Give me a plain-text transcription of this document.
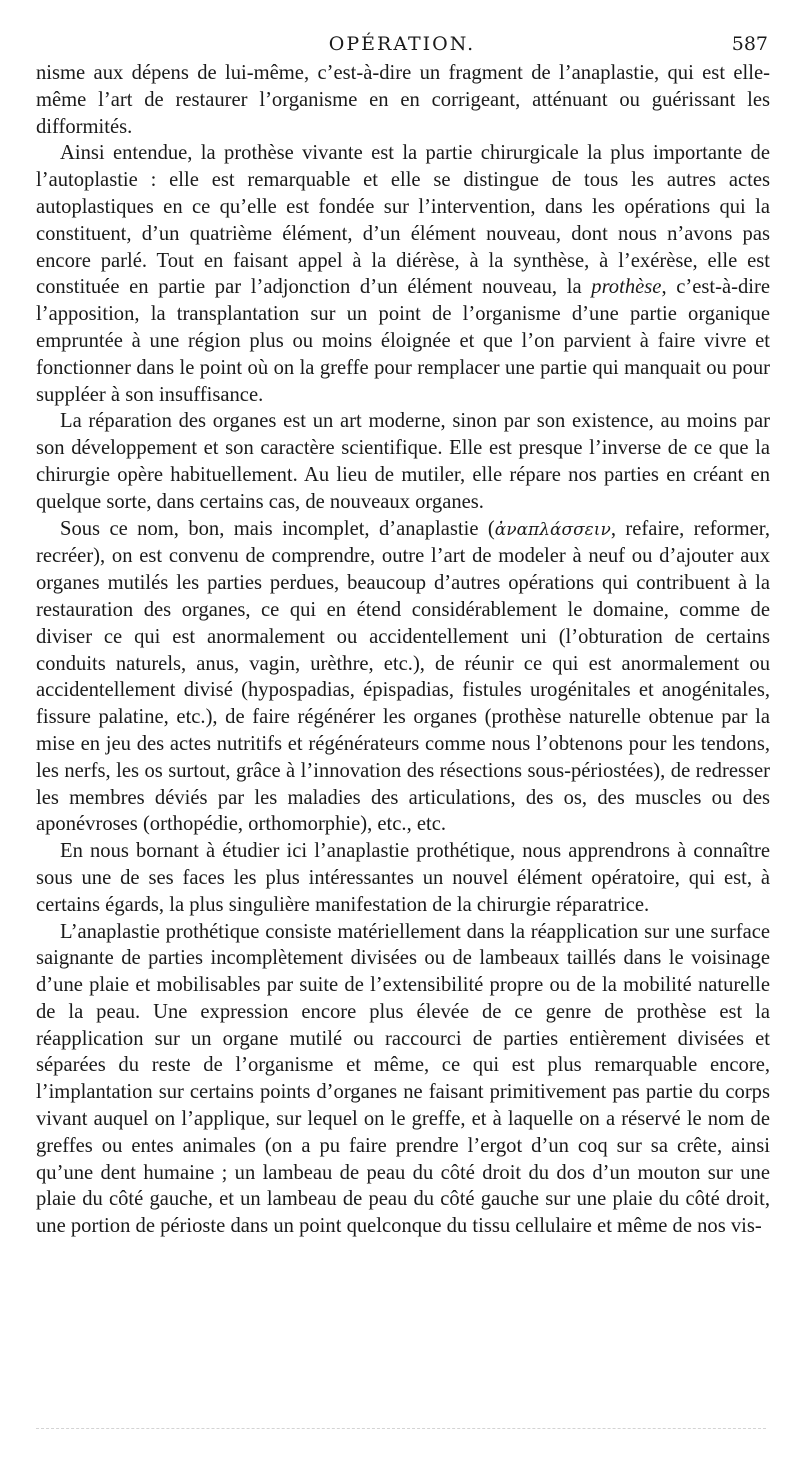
OPÉRATION.	587

nisme aux dépens de lui-même, c’est-à-dire un fragment de l’anaplastie, qui est elle-même l’art de restaurer l’organisme en en corrigeant, atténuant ou guérissant les difformités.

Ainsi entendue, la prothèse vivante est la partie chirurgicale la plus importante de l’autoplastie : elle est remarquable et elle se distingue de tous les autres actes autoplastiques en ce qu’elle est fondée sur l’intervention, dans les opérations qui la constituent, d’un quatrième élément, d’un élément nouveau, dont nous n’avons pas encore parlé. Tout en faisant appel à la diérèse, à la synthèse, à l’exérèse, elle est constituée en partie par l’adjonction d’un élément nouveau, la prothèse, c’est-à-dire l’apposition, la transplantation sur un point de l’organisme d’une partie organique empruntée à une région plus ou moins éloignée et que l’on parvient à faire vivre et fonctionner dans le point où on la greffe pour remplacer une partie qui manquait ou pour suppléer à son insuffisance.

La réparation des organes est un art moderne, sinon par son existence, au moins par son développement et son caractère scientifique. Elle est presque l’inverse de ce que la chirurgie opère habituellement. Au lieu de mutiler, elle répare nos parties en créant en quelque sorte, dans certains cas, de nouveaux organes.

Sous ce nom, bon, mais incomplet, d’anaplastie (ἀναπλάσσειν, refaire, reformer, recréer), on est convenu de comprendre, outre l’art de modeler à neuf ou d’ajouter aux organes mutilés les parties perdues, beaucoup d’autres opérations qui contribuent à la restauration des organes, ce qui en étend considérablement le domaine, comme de diviser ce qui est anormalement ou accidentellement uni (l’obturation de certains conduits naturels, anus, vagin, urèthre, etc.), de réunir ce qui est anormalement ou accidentellement divisé (hypospadias, épispadias, fistules urogénitales et anogénitales, fissure palatine, etc.), de faire régénérer les organes (prothèse naturelle obtenue par la mise en jeu des actes nutritifs et régénérateurs comme nous l’obtenons pour les tendons, les nerfs, les os surtout, grâce à l’innovation des résections sous-périostées), de redresser les membres déviés par les maladies des articulations, des os, des muscles ou des aponévroses (orthopédie, orthomorphie), etc., etc.

En nous bornant à étudier ici l’anaplastie prothétique, nous apprendrons à connaître sous une de ses faces les plus intéressantes un nouvel élément opératoire, qui est, à certains égards, la plus singulière manifestation de la chirurgie réparatrice.

L’anaplastie prothétique consiste matériellement dans la réapplication sur une surface saignante de parties incomplètement divisées ou de lambeaux taillés dans le voisinage d’une plaie et mobilisables par suite de l’extensibilité propre ou de la mobilité naturelle de la peau. Une expression encore plus élevée de ce genre de prothèse est la réapplication sur un organe mutilé ou raccourci de parties entièrement divisées et séparées du reste de l’organisme et même, ce qui est plus remarquable encore, l’implantation sur certains points d’organes ne faisant primitivement pas partie du corps vivant auquel on l’applique, sur lequel on le greffe, et à laquelle on a réservé le nom de greffes ou entes animales (on a pu faire prendre l’ergot d’un coq sur sa crête, ainsi qu’une dent humaine ; un lambeau de peau du côté droit du dos d’un mouton sur une plaie du côté gauche, et un lambeau de peau du côté gauche sur une plaie du côté droit, une portion de périoste dans un point quelconque du tissu cellulaire et même de nos vis-
